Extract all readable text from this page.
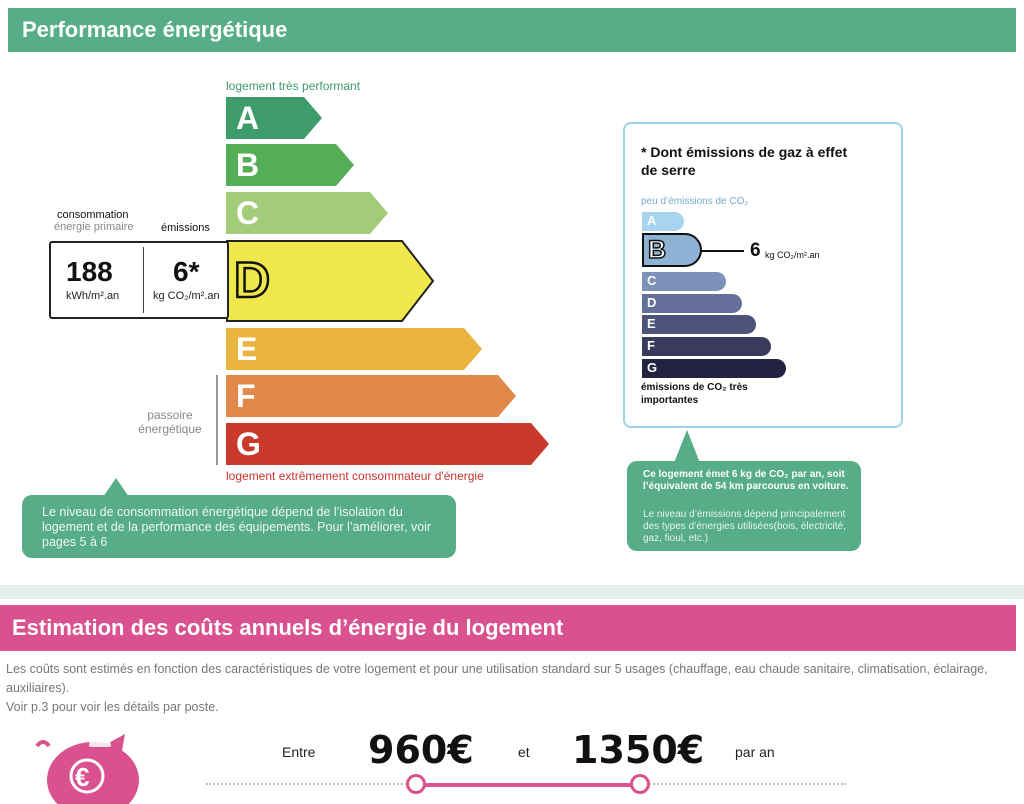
Performance énergétique
logement très performant
A
B
C
D
E
F
G
logement extrêmement consommateur d'énergie
consommation
énergie primaire	émissions
188
kWh/m².an
6*
kg CO₂/m².an
passoire énergétique
Le niveau de consommation énergétique dépend de l’isolation du logement et de la performance des équipements. Pour l’améliorer, voir pages 5 à 6
* Dont émissions de gaz à effet de serre
peu d’émissions de CO₂
A
B	6 kg CO₂/m².an
C
D
E
F
G
émissions de CO₂ très importantes
Ce logement émet 6 kg de CO₂ par an, soit l’équivalent de 54 km parcourus en voiture.
Le niveau d’émissions dépend principalement des types d’énergies utilisées(bois, électricité, gaz, fioul, etc.)
Estimation des coûts annuels d’énergie du logement
Les coûts sont estimés en fonction des caractéristiques de votre logement et pour une utilisation standard sur 5 usages (chauffage, eau chaude sanitaire, climatisation, éclairage, auxiliaires).
Voir p.3 pour voir les détails par poste.
€
Entre 960€	et 1350€ par an
